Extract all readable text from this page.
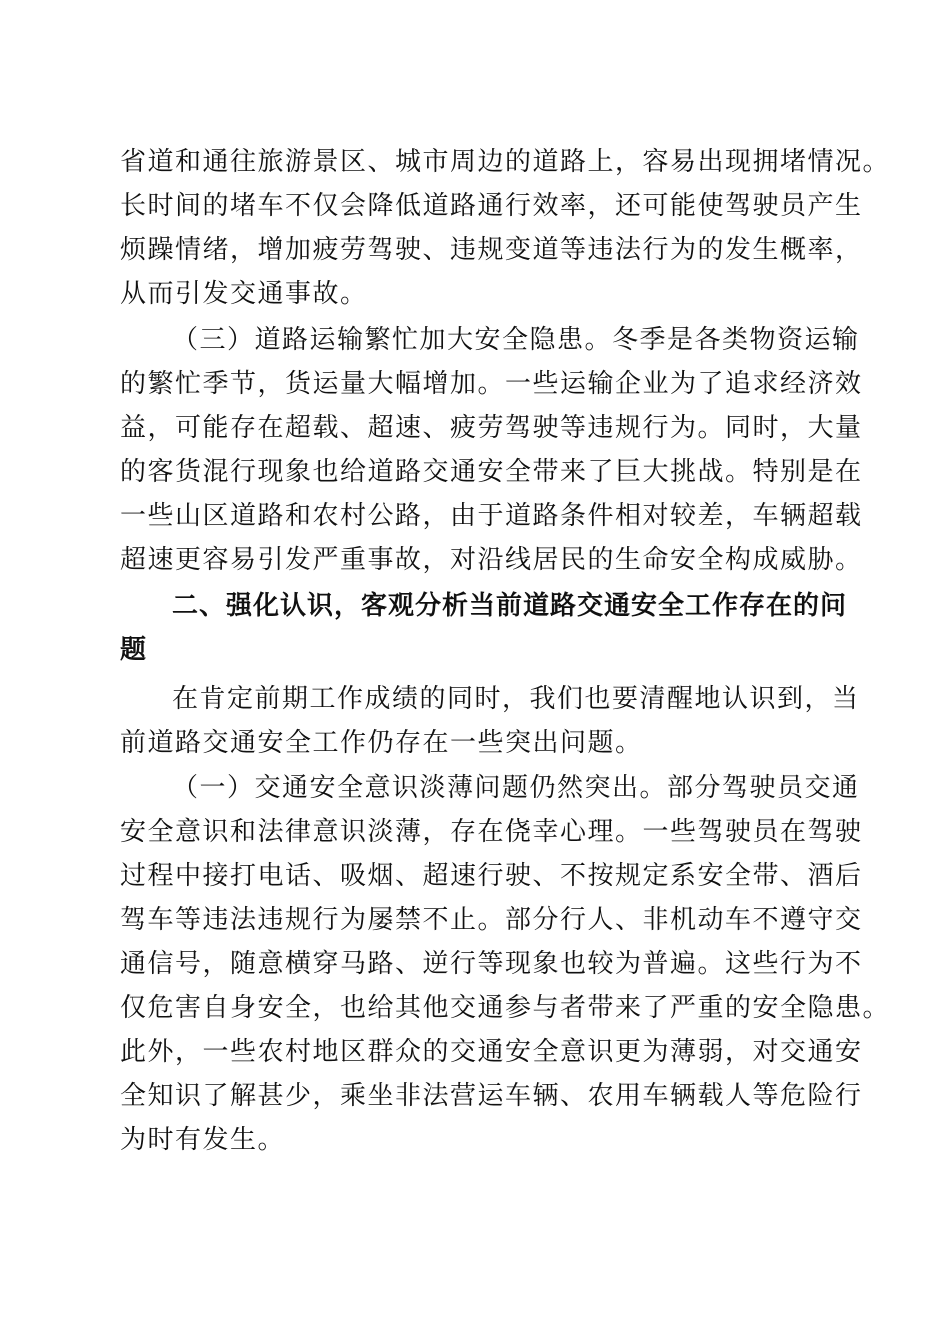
省道和通往旅游景区、城市周边的道路上，容易出现拥堵情况。
长时间的堵车不仅会降低道路通行效率，还可能使驾驶员产生
烦躁情绪，增加疲劳驾驶、违规变道等违法行为的发生概率，
从而引发交通事故。
（三）道路运输繁忙加大安全隐患。冬季是各类物资运输
的繁忙季节，货运量大幅增加。一些运输企业为了追求经济效
益，可能存在超载、超速、疲劳驾驶等违规行为。同时，大量
的客货混行现象也给道路交通安全带来了巨大挑战。特别是在
一些山区道路和农村公路，由于道路条件相对较差，车辆超载
超速更容易引发严重事故，对沿线居民的生命安全构成威胁。
二、强化认识，客观分析当前道路交通安全工作存在的问
题
在肯定前期工作成绩的同时，我们也要清醒地认识到，当
前道路交通安全工作仍存在一些突出问题。
（一）交通安全意识淡薄问题仍然突出。部分驾驶员交通
安全意识和法律意识淡薄，存在侥幸心理。一些驾驶员在驾驶
过程中接打电话、吸烟、超速行驶、不按规定系安全带、酒后
驾车等违法违规行为屡禁不止。部分行人、非机动车不遵守交
通信号，随意横穿马路、逆行等现象也较为普遍。这些行为不
仅危害自身安全，也给其他交通参与者带来了严重的安全隐患。
此外，一些农村地区群众的交通安全意识更为薄弱，对交通安
全知识了解甚少，乘坐非法营运车辆、农用车辆载人等危险行
为时有发生。
